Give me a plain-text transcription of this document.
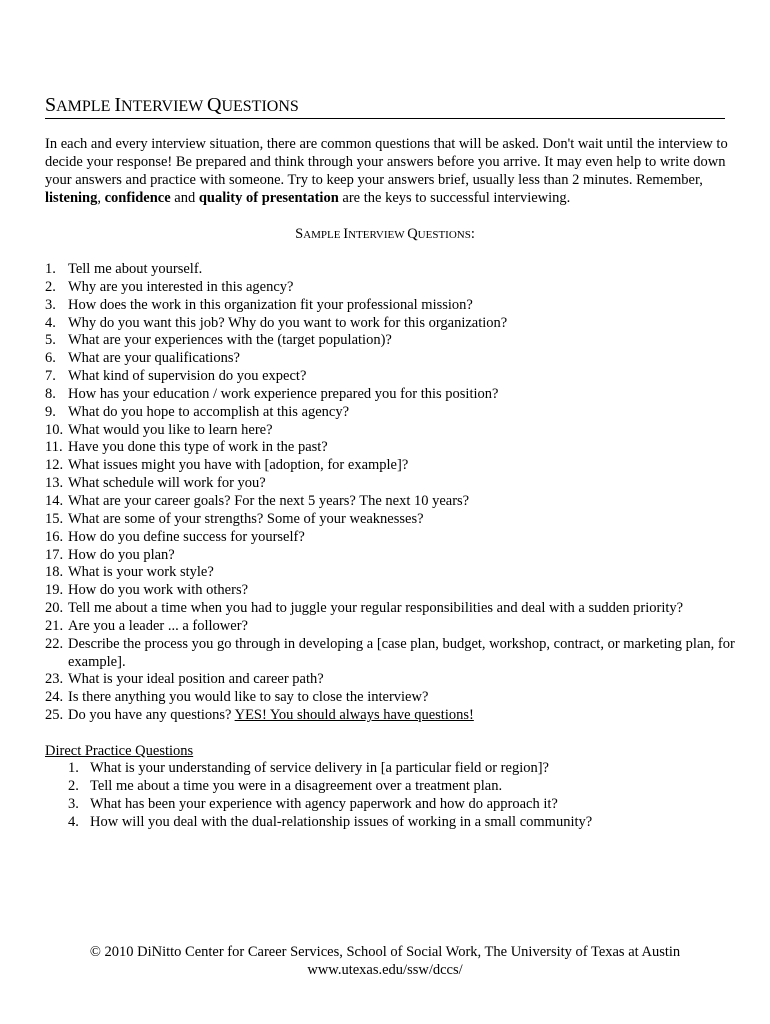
SAMPLE INTERVIEW QUESTIONS

In each and every interview situation, there are common questions that will be asked. Don't wait until the interview to decide your response! Be prepared and think through your answers before you arrive. It may even help to write down your answers and practice with someone. Try to keep your answers brief, usually less than 2 minutes. Remember, listening, confidence and quality of presentation are the keys to successful interviewing.

SAMPLE INTERVIEW QUESTIONS:
1. Tell me about yourself.
2. Why are you interested in this agency?
3. How does the work in this organization fit your professional mission?
4. Why do you want this job? Why do you want to work for this organization?
5. What are your experiences with the (target population)?
6. What are your qualifications?
7. What kind of supervision do you expect?
8. How has your education / work experience prepared you for this position?
9. What do you hope to accomplish at this agency?
10. What would you like to learn here?
11. Have you done this type of work in the past?
12. What issues might you have with [adoption, for example]?
13. What schedule will work for you?
14. What are your career goals? For the next 5 years? The next 10 years?
15. What are some of your strengths? Some of your weaknesses?
16. How do you define success for yourself?
17. How do you plan?
18. What is your work style?
19. How do you work with others?
20. Tell me about a time when you had to juggle your regular responsibilities and deal with a sudden priority?
21. Are you a leader ... a follower?
22. Describe the process you go through in developing a [case plan, budget, workshop, contract, or marketing plan, for example].
23. What is your ideal position and career path?
24. Is there anything you would like to say to close the interview?
25. Do you have any questions? YES! You should always have questions!
Direct Practice Questions
1. What is your understanding of service delivery in [a particular field or region]?
2. Tell me about a time you were in a disagreement over a treatment plan.
3. What has been your experience with agency paperwork and how do approach it?
4. How will you deal with the dual-relationship issues of working in a small community?
© 2010 DiNitto Center for Career Services, School of Social Work, The University of Texas at Austin
www.utexas.edu/ssw/dccs/
